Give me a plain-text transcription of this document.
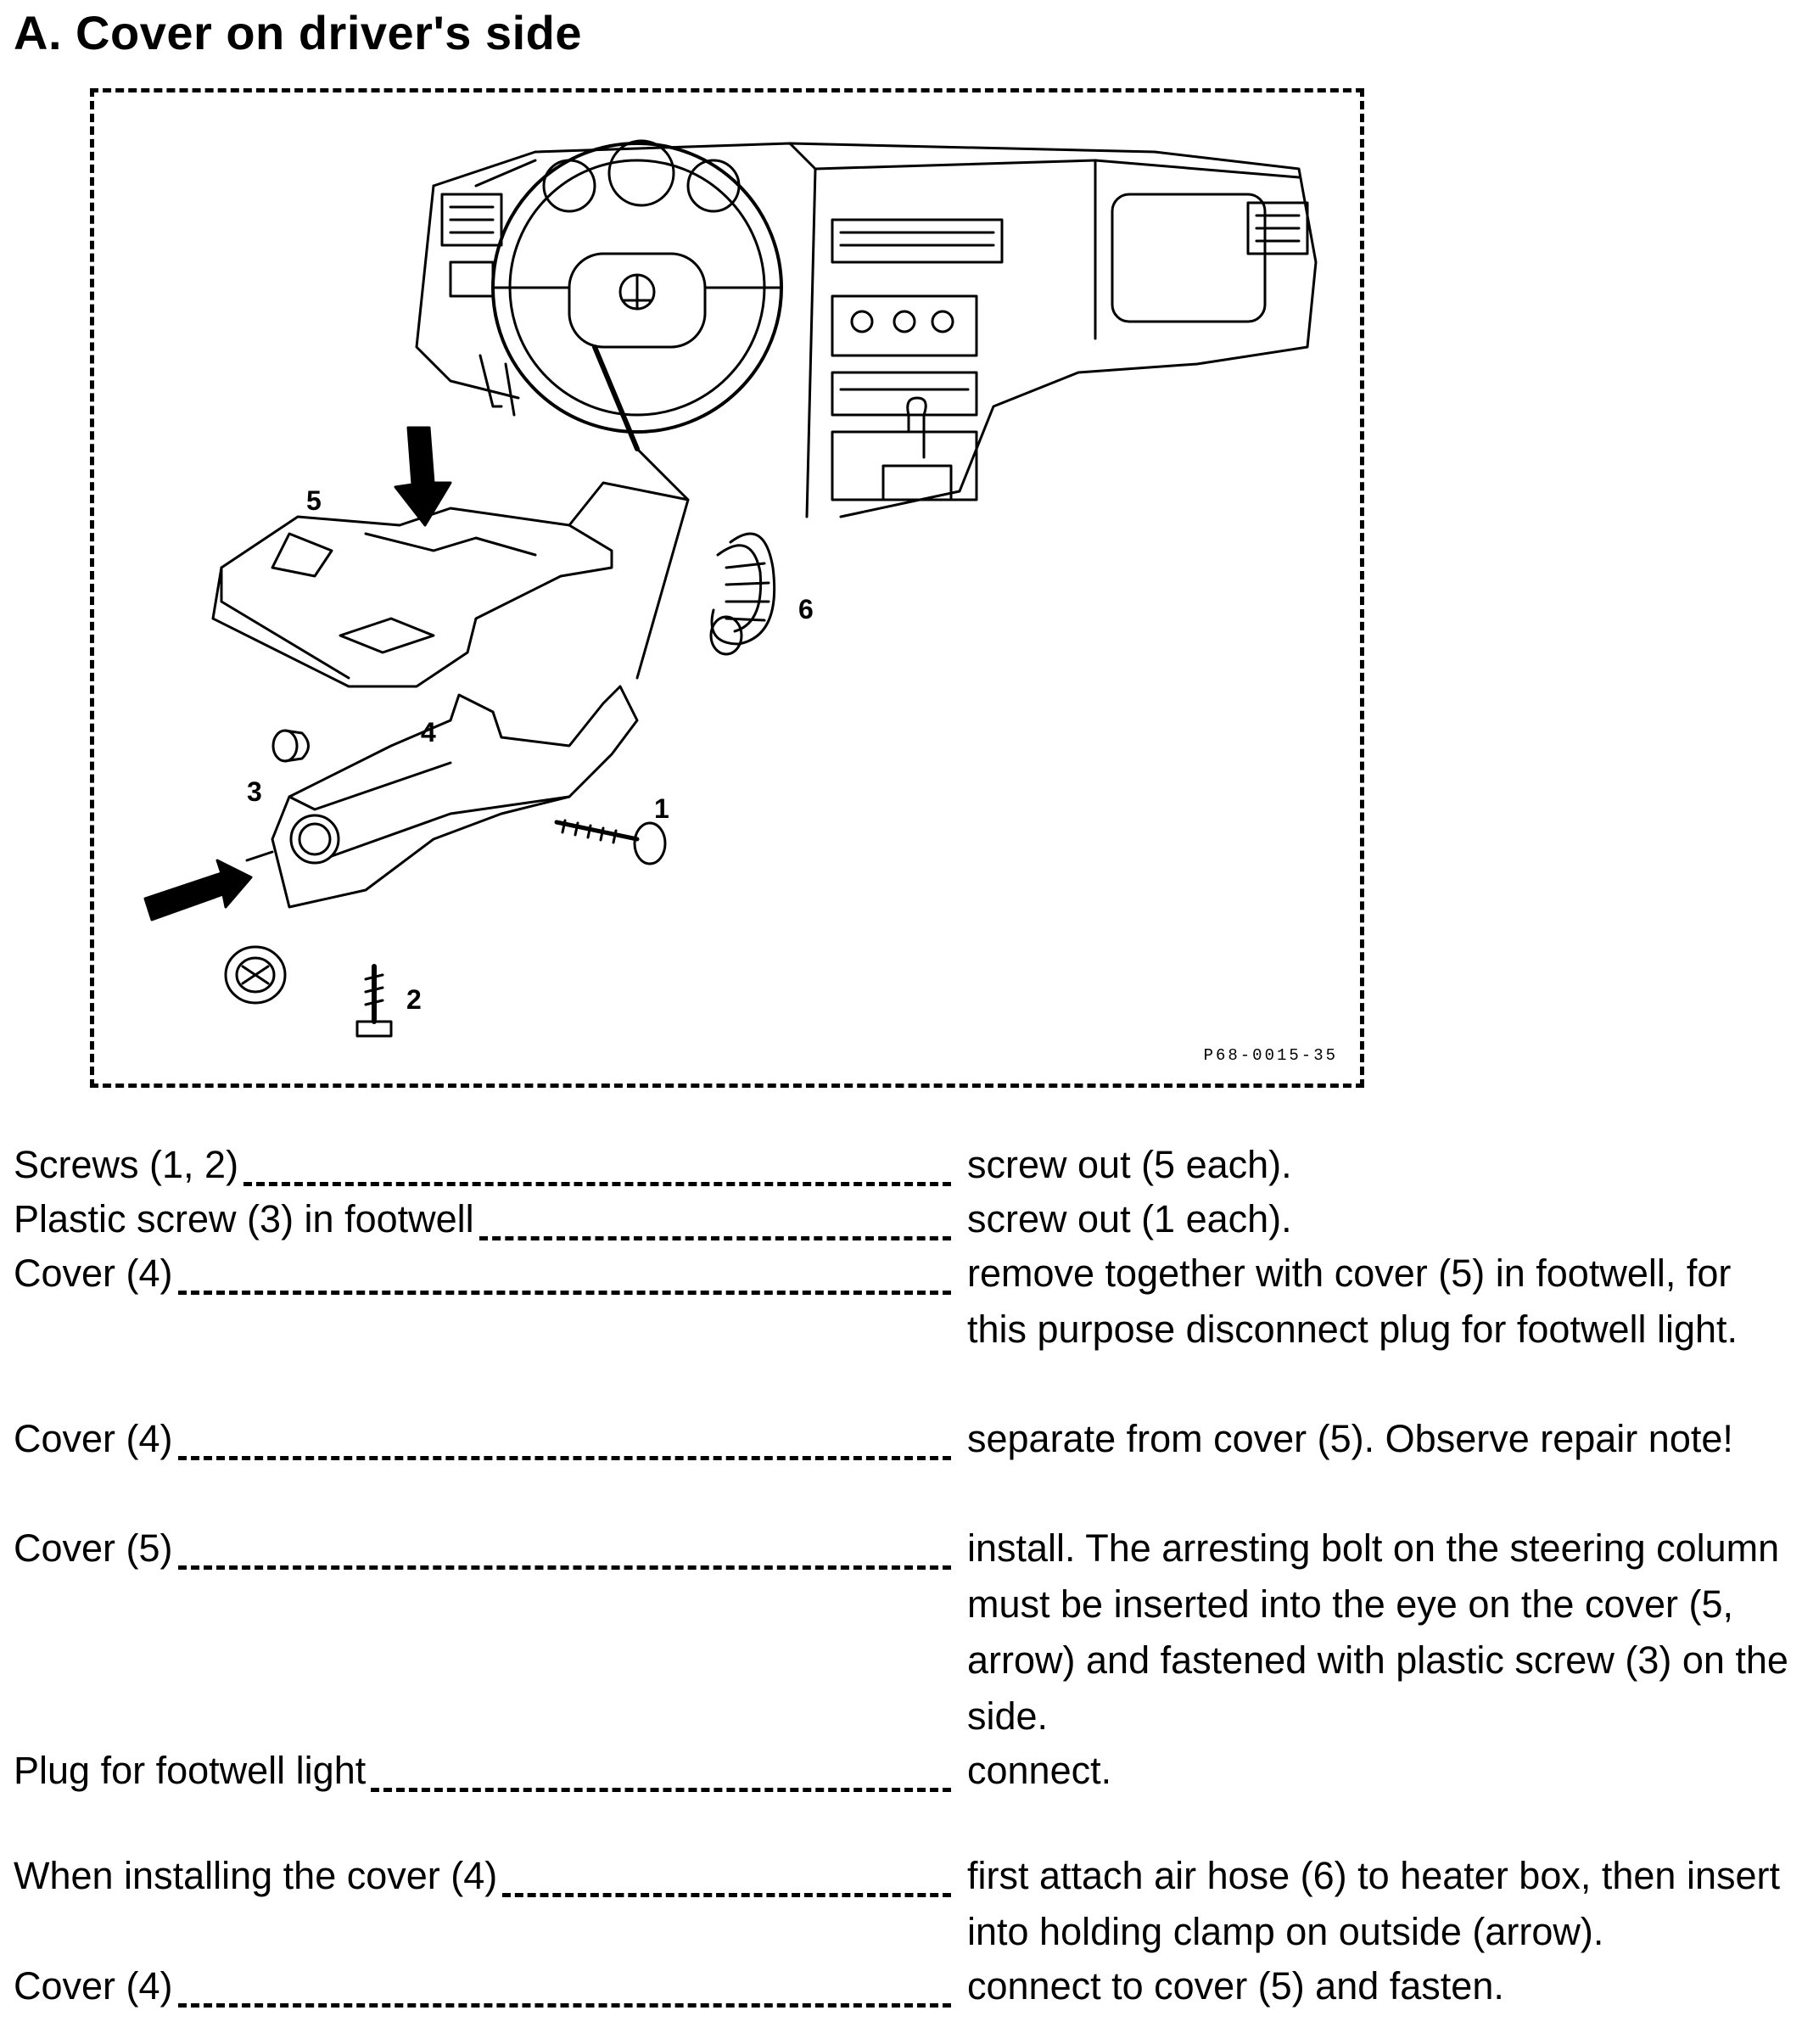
A. Cover on driver's side
5
6
4
3
1
2
P68-0015-35
Screws (1, 2)	screw out (5 each).
Plastic screw (3) in footwell	screw out (1 each).
Cover (4)	remove together with cover (5) in footwell, for this purpose disconnect plug for footwell light.
Cover (4)	separate from cover (5). Observe repair note!
Cover (5)	install. The arresting bolt on the steering column must be inserted into the eye on the cover (5, arrow) and fastened with plastic screw (3) on the side.
Plug for footwell light	connect.
When installing the cover (4)	first attach air hose (6) to heater box, then insert into holding clamp on outside (arrow).
Cover (4)	connect to cover (5) and fasten.
